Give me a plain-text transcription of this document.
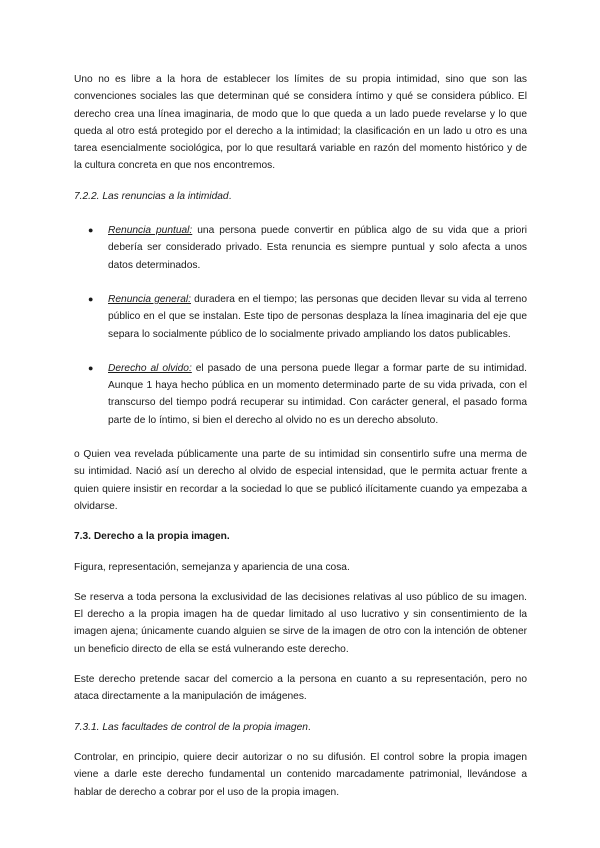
Uno no es libre a la hora de establecer los límites de su propia intimidad, sino que son las convenciones sociales las que determinan qué se considera íntimo y qué se considera público. El derecho crea una línea imaginaria, de modo que lo que queda a un lado puede revelarse y lo que queda al otro está protegido por el derecho a la intimidad; la clasificación en un lado u otro es una tarea esencialmente sociológica, por lo que resultará variable en razón del momento histórico y de la cultura concreta en que nos encontremos.

7.2.2. Las renuncias a la intimidad.

● Renuncia puntual: una persona puede convertir en pública algo de su vida que a priori debería ser considerado privado. Esta renuncia es siempre puntual y solo afecta a unos datos determinados.
● Renuncia general: duradera en el tiempo; las personas que deciden llevar su vida al terreno público en el que se instalan. Este tipo de personas desplaza la línea imaginaria del eje que separa lo socialmente público de lo socialmente privado ampliando los datos publicables.
● Derecho al olvido: el pasado de una persona puede llegar a formar parte de su intimidad. Aunque 1 haya hecho pública en un momento determinado parte de su vida privada, con el transcurso del tiempo podrá recuperar su intimidad. Con carácter general, el pasado forma parte de lo íntimo, si bien el derecho al olvido no es un derecho absoluto.

o Quien vea revelada públicamente una parte de su intimidad sin consentirlo sufre una merma de su intimidad. Nació así un derecho al olvido de especial intensidad, que le permita actuar frente a quien quiere insistir en recordar a la sociedad lo que se publicó ilícitamente cuando ya empezaba a olvidarse.

7.3. Derecho a la propia imagen.

Figura, representación, semejanza y apariencia de una cosa.

Se reserva a toda persona la exclusividad de las decisiones relativas al uso público de su imagen. El derecho a la propia imagen ha de quedar limitado al uso lucrativo y sin consentimiento de la imagen ajena; únicamente cuando alguien se sirve de la imagen de otro con la intención de obtener un beneficio directo de ella se está vulnerando este derecho.

Este derecho pretende sacar del comercio a la persona en cuanto a su representación, pero no ataca directamente a la manipulación de imágenes.

7.3.1. Las facultades de control de la propia imagen.

Controlar, en principio, quiere decir autorizar o no su difusión. El control sobre la propia imagen viene a darle este derecho fundamental un contenido marcadamente patrimonial, llevándose a hablar de derecho a cobrar por el uso de la propia imagen.
